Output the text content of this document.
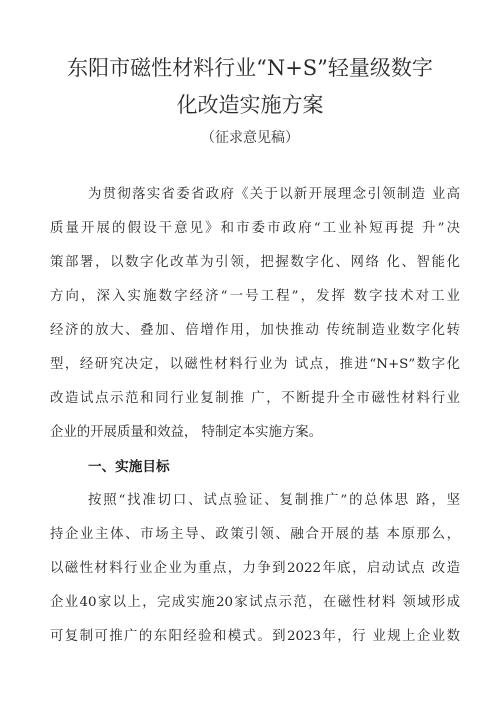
东阳市磁性材料行业“N+S”轻量级数字
化改造实施方案
（征求意见稿）
为贯彻落实省委省政府《关于以新开展理念引领制造 业高
质量开展的假设干意见》和市委市政府“工业补短再提 升”决
策部署，以数字化改革为引领，把握数字化、网络 化、智能化
方向，深入实施数字经济“一号工程”，发挥 数字技术对工业
经济的放大、叠加、倍增作用，加快推动 传统制造业数字化转
型，经研究决定，以磁性材料行业为 试点，推进“N+S”数字化
改造试点示范和同行业复制推 广，不断提升全市磁性材料行业
企业的开展质量和效益， 特制定本实施方案。
一、实施目标
按照“找准切口、试点验证、复制推广”的总体思 路，坚
持企业主体、市场主导、政策引领、融合开展的基 本原那么，
以磁性材料行业企业为重点，力争到2022年底，启动试点 改造
企业40家以上，完成实施20家试点示范，在磁性材料 领域形成
可复制可推广的东阳经验和模式。到2023年，行 业规上企业数
